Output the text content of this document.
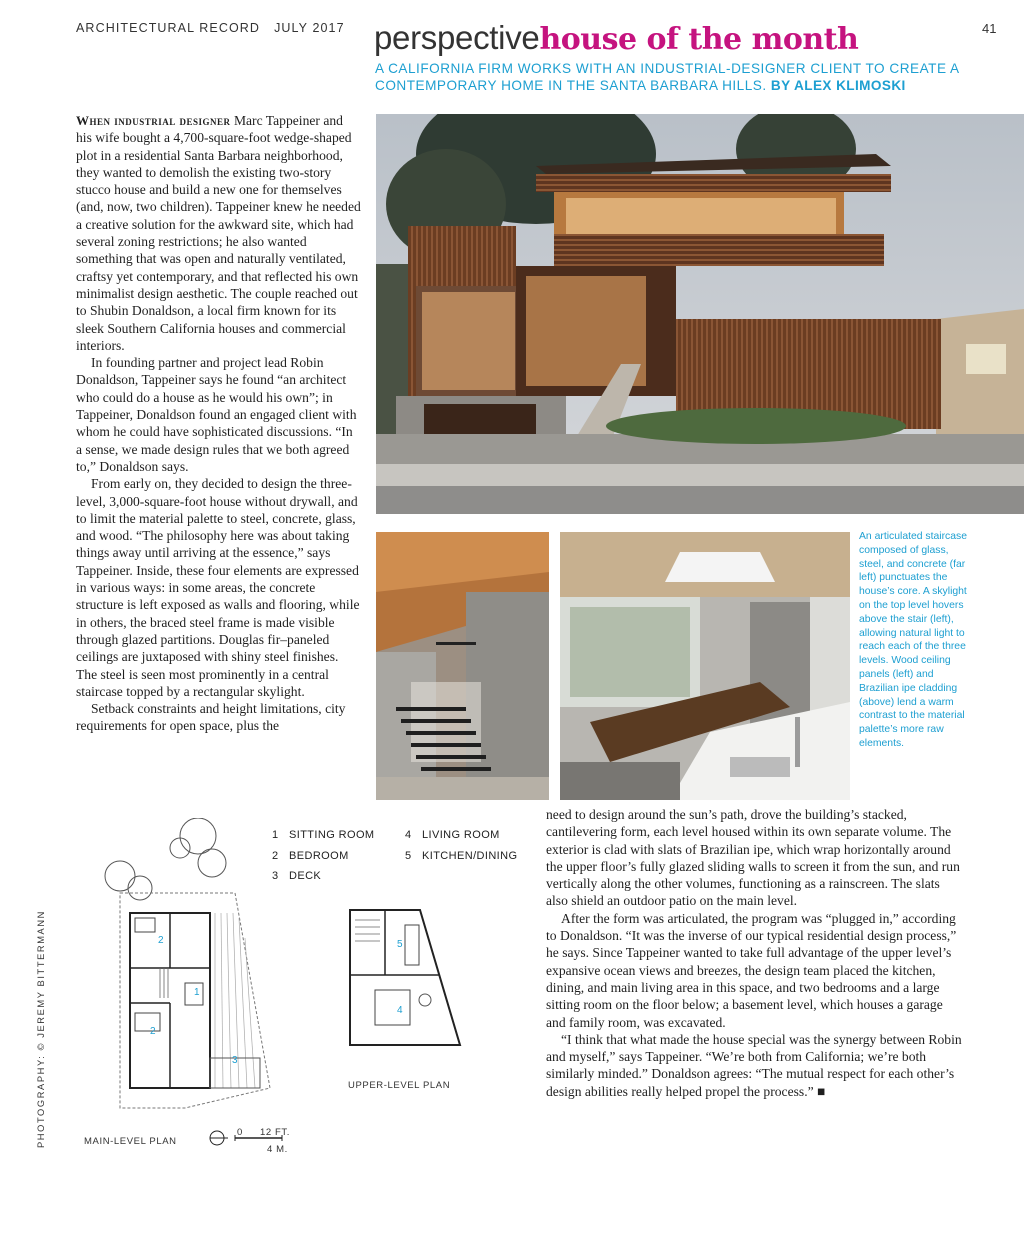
ARCHITECTURAL RECORD JULY 2017	41
perspectivehouse of the month
A CALIFORNIA FIRM WORKS WITH AN INDUSTRIAL-DESIGNER CLIENT TO CREATE A CONTEMPORARY HOME IN THE SANTA BARBARA HILLS. BY ALEX KLIMOSKI

When industrial designer Marc Tappeiner and his wife bought a 4,700-square-foot wedge-shaped plot in a residential Santa Barbara neighborhood, they wanted to demolish the existing two-story stucco house and build a new one for themselves (and, now, two children). Tappeiner knew he needed a creative solution for the awkward site, which had several zoning restrictions; he also wanted something that was open and naturally ventilated, craftsy yet contemporary, and that reflected his own minimalist design aesthetic. The couple reached out to Shubin Donaldson, a local firm known for its sleek Southern California houses and commercial interiors.

In founding partner and project lead Robin Donaldson, Tappeiner says he found “an architect who could do a house as he would his own”; in Tappeiner, Donaldson found an engaged client with whom he could have sophisticated discussions. “In a sense, we made design rules that we both agreed to,” Donaldson says.

From early on, they decided to design the three-level, 3,000-square-foot house without drywall, and to limit the material palette to steel, concrete, glass, and wood. “The philosophy here was about taking things away until arriving at the essence,” says Tappeiner. Inside, these four elements are expressed in various ways: in some areas, the concrete structure is left exposed as walls and flooring, while in others, the braced steel frame is made visible through glazed partitions. Douglas fir–paneled ceilings are juxtaposed with shiny steel finishes. The steel is seen most prominently in a central staircase topped by a rectangular skylight.

Setback constraints and height limitations, city requirements for open space, plus the

An articulated staircase composed of glass, steel, and concrete (far left) punctuates the house’s core. A skylight on the top level hovers above the stair (left), allowing natural light to reach each of the three levels. Wood ceiling panels (left) and Brazilian ipe cladding (above) lend a warm contrast to the material palette’s more raw elements.
1 SITTING ROOM
2 BEDROOM
3 DECK
4 LIVING ROOM
5 KITCHEN/DINING
2
1
2
3
5
4
UPPER-LEVEL PLAN
MAIN-LEVEL PLAN
0 12 FT.
4 M.

need to design around the sun’s path, drove the building’s stacked, cantilevering form, each level housed within its own separate volume. The exterior is clad with slats of Brazilian ipe, which wrap horizontally around the upper floor’s fully glazed sliding walls to screen it from the sun, and run vertically along the other volumes, functioning as a rainscreen. The slats also shield an outdoor patio on the main level.

After the form was articulated, the program was “plugged in,” according to Donaldson. “It was the inverse of our typical residential design process,” he says. Since Tappeiner wanted to take full advantage of the upper level’s expansive ocean views and breezes, the design team placed the kitchen, dining, and main living area in this space, and two bedrooms and a large sitting room on the floor below; a basement level, which houses a garage and family room, was excavated.

“I think that what made the house special was the synergy between Robin and myself,” says Tappeiner. “We’re both from California; we’re both similarly minded.” Donaldson agrees: “The mutual respect for each other’s design abilities really helped propel the process.” ■

PHOTOGRAPHY: © JEREMY BITTERMANN
